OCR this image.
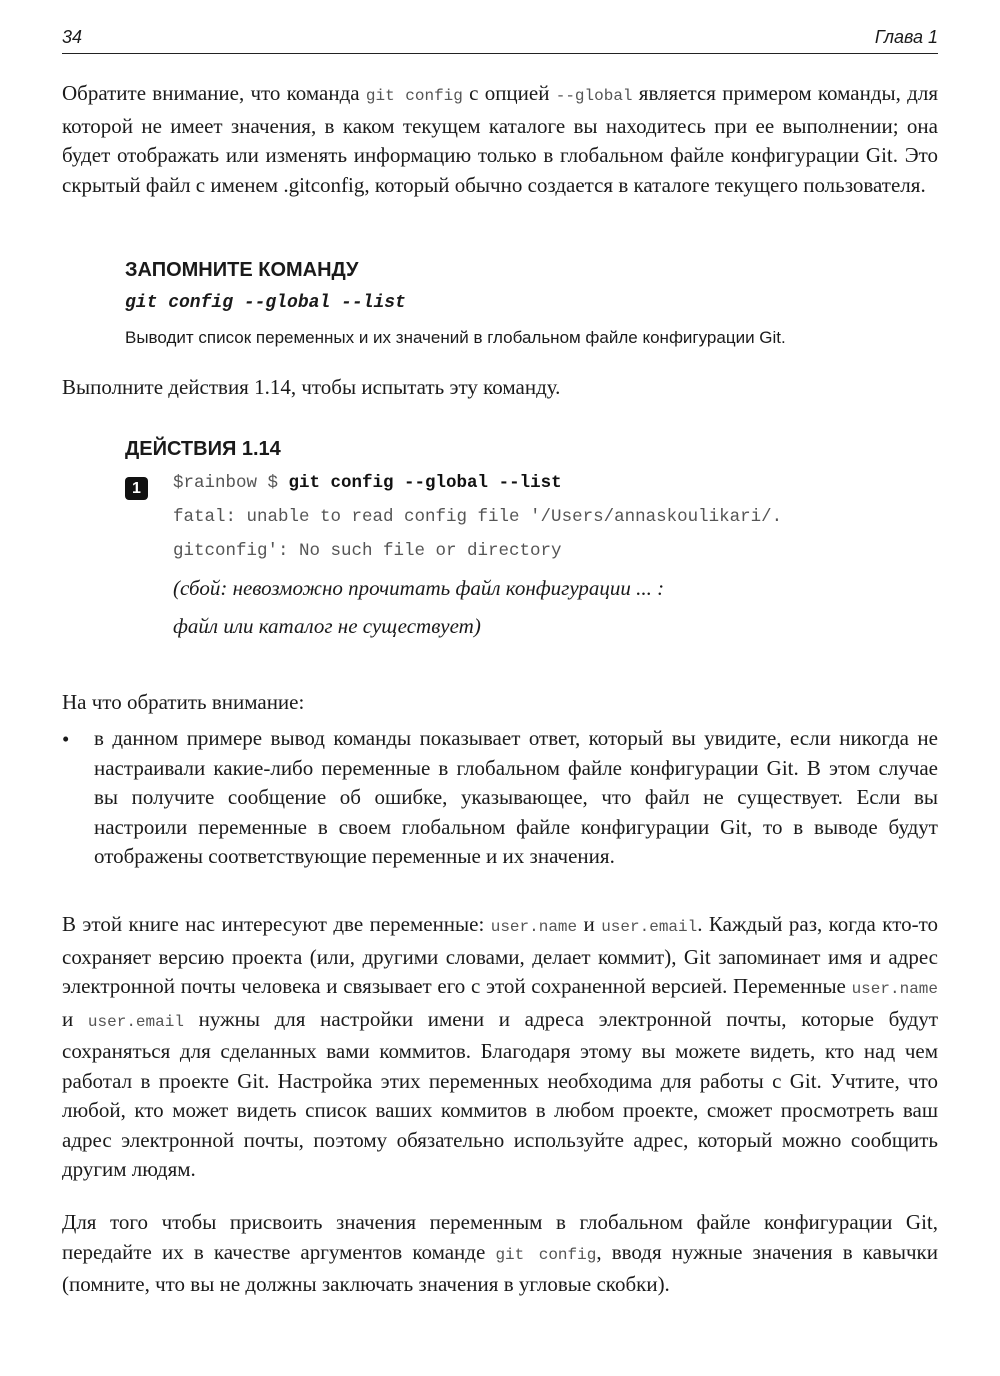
34	Глава 1

Обратите внимание, что команда git config с опцией --global является примером команды, для которой не имеет значения, в каком текущем каталоге вы находитесь при ее выполнении; она будет отображать или изменять информацию только в глобальном файле конфигурации Git. Это скрытый файл с именем .gitconfig, который обычно создается в каталоге текущего пользователя.

ЗАПОМНИТЕ КОМАНДУ

git config --global --list

Выводит список переменных и их значений в глобальном файле конфигурации Git.

Выполните действия 1.14, чтобы испытать эту команду.

ДЕЙСТВИЯ 1.14

1	$rainbow $ git config --global --list

fatal: unable to read config file '/Users/annaskoulikari/.

gitconfig': No such file or directory

(сбой: невозможно прочитать файл конфигурации ... :

файл или каталог не существует)

На что обратить внимание:

• в данном примере вывод команды показывает ответ, который вы увидите, если никогда не настраивали какие-либо переменные в глобальном файле конфигурации Git. В этом случае вы получите сообщение об ошибке, указывающее, что файл не существует. Если вы настроили переменные в своем глобальном файле конфигурации Git, то в выводе будут отображены соответствующие переменные и их значения.

В этой книге нас интересуют две переменные: user.name и user.email. Каждый раз, когда кто-то сохраняет версию проекта (или, другими словами, делает коммит), Git запоминает имя и адрес электронной почты человека и связывает его с этой сохраненной версией. Переменные user.name и user.email нужны для настройки имени и адреса электронной почты, которые будут сохраняться для сделанных вами коммитов. Благодаря этому вы можете видеть, кто над чем работал в проекте Git. Настройка этих переменных необходима для работы с Git. Учтите, что любой, кто может видеть список ваших коммитов в любом проекте, сможет просмотреть ваш адрес электронной почты, поэтому обязательно используйте адрес, который можно сообщить другим людям.

Для того чтобы присвоить значения переменным в глобальном файле конфигурации Git, передайте их в качестве аргументов команде git config, вводя нужные значения в кавычки (помните, что вы не должны заключать значения в угловые скобки).
